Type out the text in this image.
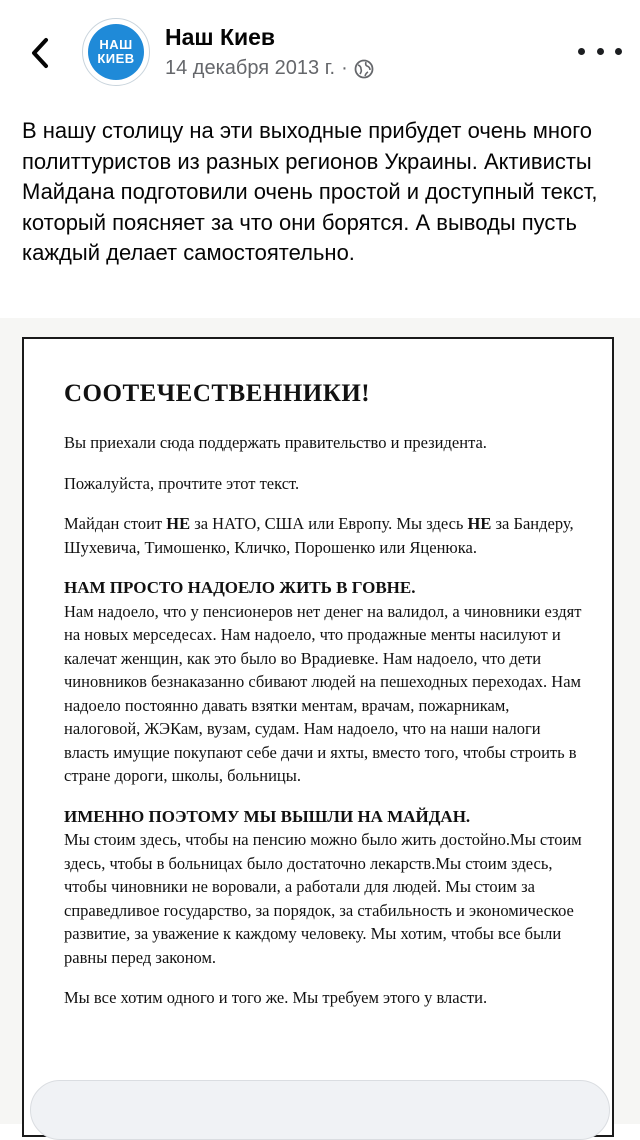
НАШ
КИЕВ
Наш Киев
14 декабря 2013 г. ·

В нашу столицу на эти выходные прибудет очень много политтуристов из разных регионов Украины. Активисты Майдана подготовили очень простой и доступный текст, который поясняет за что они борятся. А выводы пусть каждый делает самостоятельно.

СООТЕЧЕСТВЕННИКИ!

Вы приехали сюда поддержать правительство и президента.

Пожалуйста, прочтите этот текст.

Майдан стоит НЕ за НАТО, США или Европу. Мы здесь НЕ за Бандеру, Шухевича, Тимошенко, Кличко, Порошенко или Яценюка.

НАМ ПРОСТО НАДОЕЛО ЖИТЬ В ГОВНЕ.

Нам надоело, что у пенсионеров нет денег на валидол, а чиновники ездят на новых мерседесах. Нам надоело, что продажные менты насилуют и калечат женщин, как это было во Врадиевке. Нам надоело, что дети чиновников безнаказанно сбивают людей на пешеходных переходах. Нам надоело постоянно давать взятки ментам, врачам, пожарникам, налоговой, ЖЭКам, вузам, судам. Нам надоело, что на наши налоги власть имущие покупают себе дачи и яхты, вместо того, чтобы строить в стране дороги, школы, больницы.

ИМЕННО ПОЭТОМУ МЫ ВЫШЛИ НА МАЙДАН.

Мы стоим здесь, чтобы на пенсию можно было жить достойно.Мы стоим здесь, чтобы в больницах было достаточно лекарств.Мы стоим здесь, чтобы чиновники не воровали, а работали для людей. Мы стоим за справедливое государство, за порядок, за стабильность и экономическое развитие, за уважение к каждому человеку. Мы хотим, чтобы все были равны перед законом.

Мы все хотим одного и того же. Мы требуем этого у власти.
